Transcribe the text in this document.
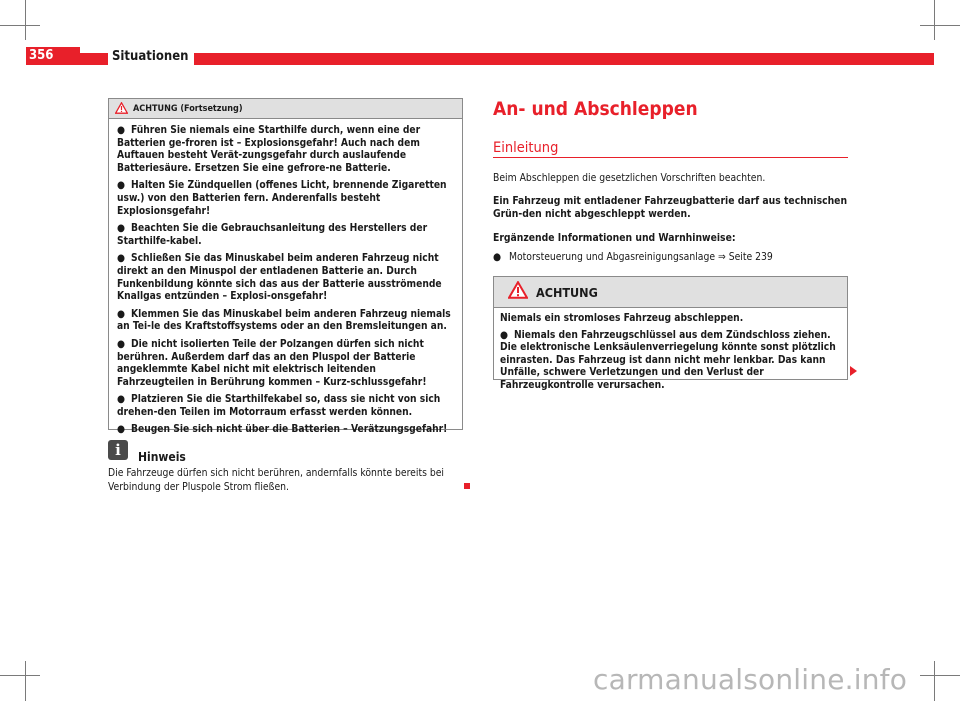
356	Situationen
ACHTUNG (Fortsetzung)

● Führen Sie niemals eine Starthilfe durch, wenn eine der Batterien ge-froren ist – Explosionsgefahr! Auch nach dem Auftauen besteht Verät-zungsgefahr durch auslaufende Batteriesäure. Ersetzen Sie eine gefrore-ne Batterie.

● Halten Sie Zündquellen (offenes Licht, brennende Zigaretten usw.) von den Batterien fern. Anderenfalls besteht Explosionsgefahr!

● Beachten Sie die Gebrauchsanleitung des Herstellers der Starthilfe-kabel.

● Schließen Sie das Minuskabel beim anderen Fahrzeug nicht direkt an den Minuspol der entladenen Batterie an. Durch Funkenbildung könnte sich das aus der Batterie ausströmende Knallgas entzünden – Explosi-onsgefahr!

● Klemmen Sie das Minuskabel beim anderen Fahrzeug niemals an Tei-le des Kraftstoffsystems oder an den Bremsleitungen an.

● Die nicht isolierten Teile der Polzangen dürfen sich nicht berühren. Außerdem darf das an den Pluspol der Batterie angeklemmte Kabel nicht mit elektrisch leitenden Fahrzeugteilen in Berührung kommen – Kurz-schlussgefahr!

● Platzieren Sie die Starthilfekabel so, dass sie nicht von sich drehen-den Teilen im Motorraum erfasst werden können.

● Beugen Sie sich nicht über die Batterien – Verätzungsgefahr!

i	Hinweis
Die Fahrzeuge dürfen sich nicht berühren, andernfalls könnte bereits bei Verbindung der Pluspole Strom fließen.
An- und Abschleppen
Einleitung
Beim Abschleppen die gesetzlichen Vorschriften beachten.
Ein Fahrzeug mit entladener Fahrzeugbatterie darf aus technischen Grün-den nicht abgeschleppt werden.
Ergänzende Informationen und Warnhinweise:
● Motorsteuerung und Abgasreinigungsanlage ⇒ Seite 239
ACHTUNG

Niemals ein stromloses Fahrzeug abschleppen.

● Niemals den Fahrzeugschlüssel aus dem Zündschloss ziehen. Die elektronische Lenksäulenverriegelung könnte sonst plötzlich einrasten. Das Fahrzeug ist dann nicht mehr lenkbar. Das kann Unfälle, schwere Verletzungen und den Verlust der Fahrzeugkontrolle verursachen.

carmanualsonline.info
